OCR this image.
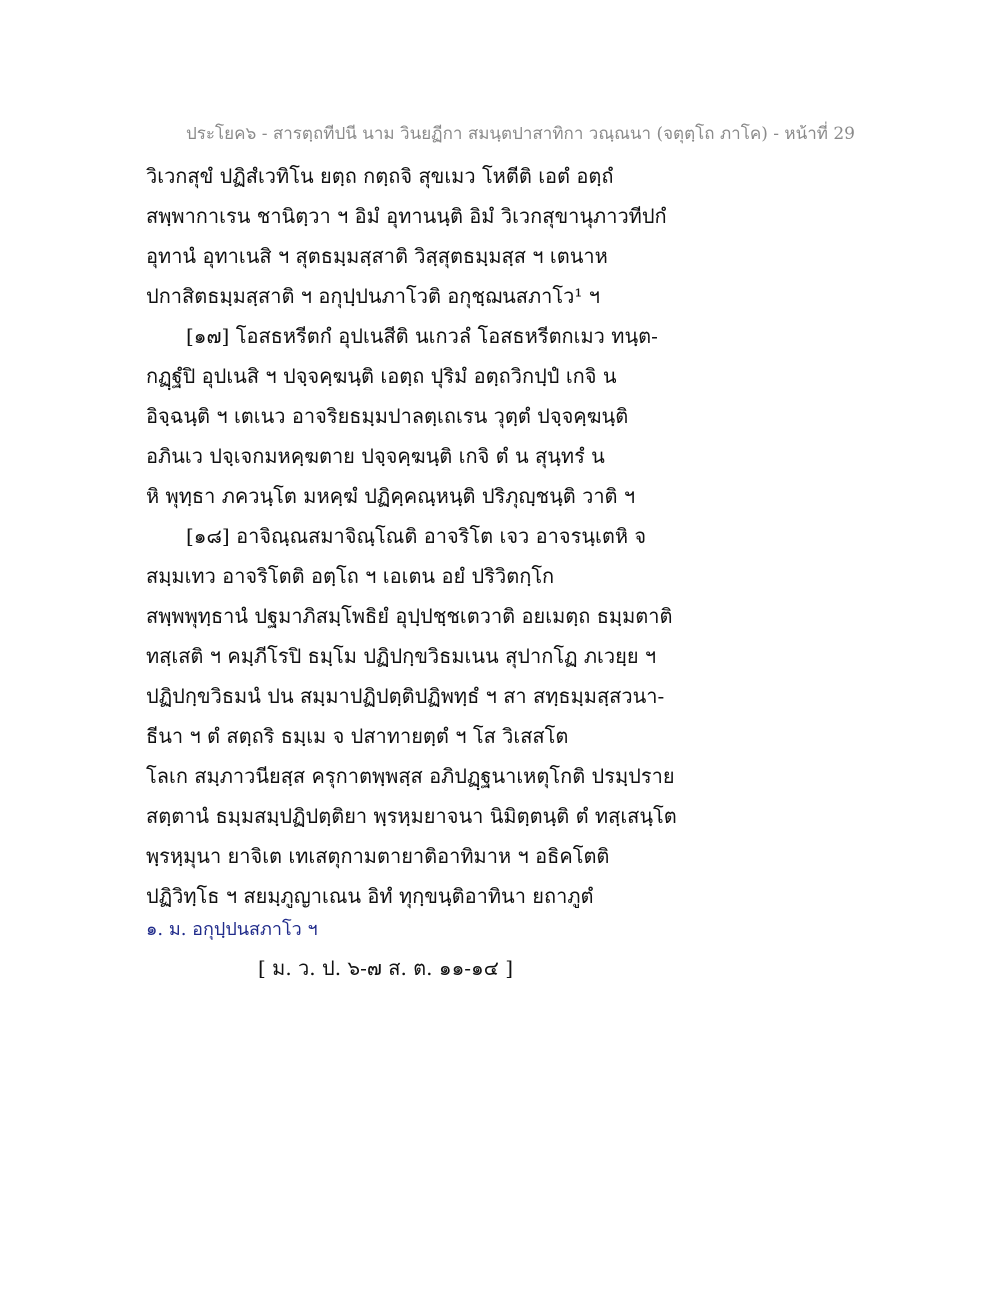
ประโยค๖ - สารตฺถทีปนี นาม วินยฏีกา สมนฺตปาสาทิกา วณฺณนา (จตุตฺโถ ภาโค) - หน้าที่ 29
วิเวกสุขํ ปฏิสํเวทิโน ยตฺถ กตฺถจิ สุขเมว โหตีติ เอตํ อตฺถํ
สพฺพากาเรน ชานิตฺวา ฯ อิมํ อุทานนฺติ อิมํ วิเวกสุขานุภาวทีปกํ
อุทานํ อุทาเนสิ ฯ สุตธมฺมสฺสาติ วิสฺสุตธมฺมสฺส ฯ เตนาห
ปกาสิตธมฺมสฺสาติ ฯ อกุปฺปนภาโวติ อกุชฺฌนสภาโว¹ ฯ
[๑๗] โอสธหรีตกํ อุปเนสีติ นเกวลํ โอสธหรีตกเมว ทนฺต-
กฏฺฐํปิ อุปเนสิ ฯ ปจฺจคฺฆนฺติ เอตฺถ ปุริมํ อตฺถวิกปฺปํ เกจิ น
อิจฺฉนฺติ ฯ เตเนว อาจริยธมฺมปาลตฺเถเรน วุตฺตํ ปจฺจคฺฆนฺติ
อภินเว ปจฺเจกมหคฺฆตาย ปจฺจคฺฆนฺติ เกจิ ตํ น สุนฺทรํ น
หิ พุทฺธา ภควนฺโต มหคฺฆํ ปฏิคฺคณฺหนฺติ ปริภุญฺชนฺติ วาติ ฯ
[๑๘] อาจิณฺณสมาจิณฺโณติ อาจริโต เจว อาจรนฺเตหิ จ
สมฺมเทว อาจริโตติ อตฺโถ ฯ เอเตน อยํ ปริวิตกฺโก
สพฺพพุทฺธานํ ปฐมาภิสมฺโพธิยํ อุปฺปชฺชเตวาติ อยเมตฺถ ธมฺมตาติ
ทสฺเสติ ฯ คมฺภีโรปิ ธมฺโม ปฏิปกฺขวิธมเนน สุปากโฏ ภเวยฺย ฯ
ปฏิปกฺขวิธมนํ ปน สมฺมาปฏิปตฺติปฏิพทฺธํ ฯ สา สทฺธมฺมสฺสวนา-
ธีนา ฯ ตํ สตฺถริ ธมฺเม จ ปสาทายตฺตํ ฯ โส วิเสสโต
โลเก สมฺภาวนียสฺส ครุกาตพฺพสฺส อภิปฏฺฐนาเหตุโกติ ปรมฺปราย
สตฺตานํ ธมฺมสมฺปฏิปตฺติยา พฺรหฺมยาจนา นิมิตฺตนฺติ ตํ ทสฺเสนฺโต
พฺรหฺมุนา ยาจิเต เทเสตุกามตายาติอาทิมาห ฯ อธิคโตติ
ปฏิวิทฺโธ ฯ สยมฺภูญาเณน อิทํ ทุกฺขนฺติอาทินา ยถาภูตํ
๑. ม. อกุปฺปนสภาโว ฯ
[ ม. ว. ป. ๖-๗ ส. ต. ๑๑-๑๔ ]
